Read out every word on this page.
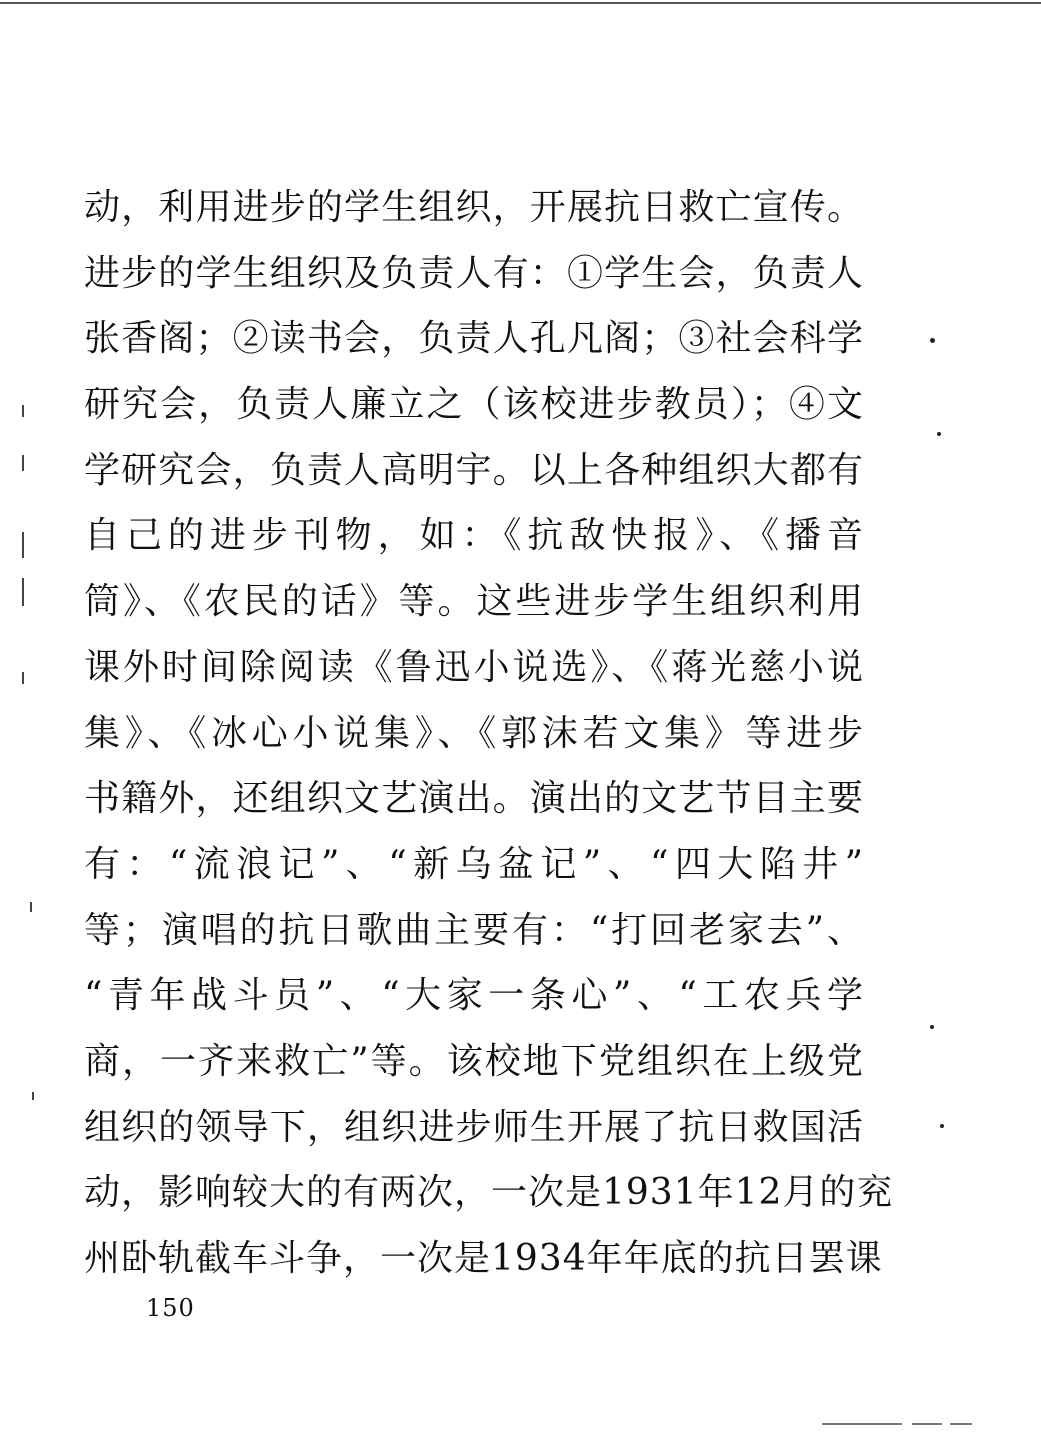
动，利用进步的学生组织，开展抗日救亡宣传。
进步的学生组织及负责人有：①学生会，负责人
张香阁；②读书会，负责人孔凡阁；③社会科学
研究会，负责人廉立之（该校进步教员）；④文
学研究会，负责人高明宇。以上各种组织大都有
自己的进步刊物，如：《抗敌快报》、《播音
筒》、《农民的话》等。这些进步学生组织利用
课外时间除阅读《鲁迅小说选》、《蒋光慈小说
集》、《冰心小说集》、《郭沫若文集》等进步
书籍外，还组织文艺演出。演出的文艺节目主要
有：“流浪记”、“新乌盆记”、“四大陷井”
等；演唱的抗日歌曲主要有：“打回老家去”、
“青年战斗员”、“大家一条心”、“工农兵学
商，一齐来救亡”等。该校地下党组织在上级党
组织的领导下，组织进步师生开展了抗日救国活
动，影响较大的有两次，一次是1931年12月的兖
州卧轨截车斗争，一次是1934年年底的抗日罢课
150
